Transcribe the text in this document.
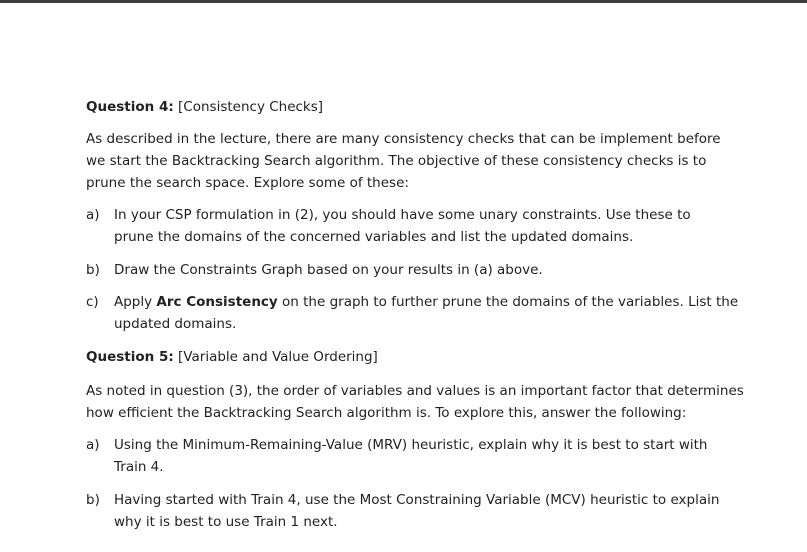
Question 4: [Consistency Checks]
As described in the lecture, there are many consistency checks that can be implement before
we start the Backtracking Search algorithm. The objective of these consistency checks is to
prune the search space. Explore some of these:
a) In your CSP formulation in (2), you should have some unary constraints. Use these to
prune the domains of the concerned variables and list the updated domains.
b) Draw the Constraints Graph based on your results in (a) above.
c) Apply Arc Consistency on the graph to further prune the domains of the variables. List the
updated domains.
Question 5: [Variable and Value Ordering]
As noted in question (3), the order of variables and values is an important factor that determines
how efficient the Backtracking Search algorithm is. To explore this, answer the following:
a) Using the Minimum-Remaining-Value (MRV) heuristic, explain why it is best to start with
Train 4.
b) Having started with Train 4, use the Most Constraining Variable (MCV) heuristic to explain
why it is best to use Train 1 next.
